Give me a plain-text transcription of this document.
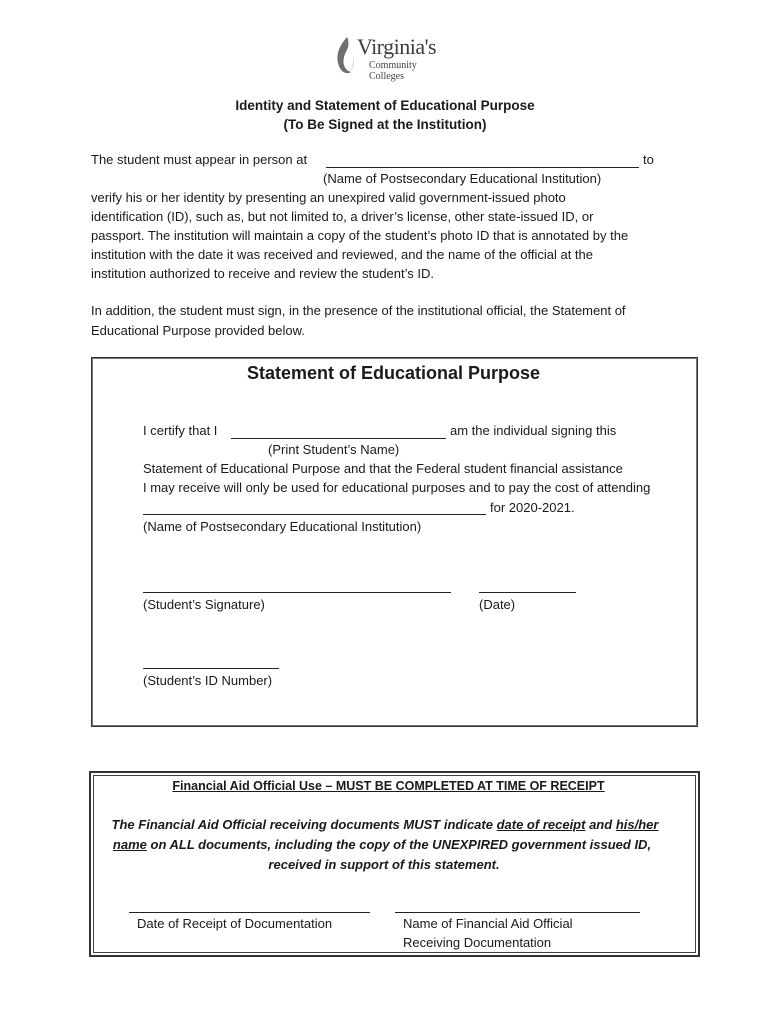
Virginia's
Community Colleges
Identity and Statement of Educational Purpose
(To Be Signed at the Institution)
The student must appear in person at	to
(Name of Postsecondary Educational Institution)
verify his or her identity by presenting an unexpired valid government-issued photo
identification (ID), such as, but not limited to, a driver’s license, other state-issued ID, or
passport. The institution will maintain a copy of the student’s photo ID that is annotated by the
institution with the date it was received and reviewed, and the name of the official at the
institution authorized to receive and review the student’s ID.
In addition, the student must sign, in the presence of the institutional official, the Statement of
Educational Purpose provided below.
Statement of Educational Purpose
I certify that I	am the individual signing this
(Print Student’s Name)
Statement of Educational Purpose and that the Federal student financial assistance
I may receive will only be used for educational purposes and to pay the cost of attending
for 2020-2021.
(Name of Postsecondary Educational Institution)
(Student’s Signature)	(Date)
(Student’s ID Number)
Financial Aid Official Use – MUST BE COMPLETED AT TIME OF RECEIPT
The Financial Aid Official receiving documents MUST indicate date of receipt and his/her
name on ALL documents, including the copy of the UNEXPIRED government issued ID,
received in support of this statement.
Date of Receipt of Documentation	Name of Financial Aid Official
Receiving Documentation
